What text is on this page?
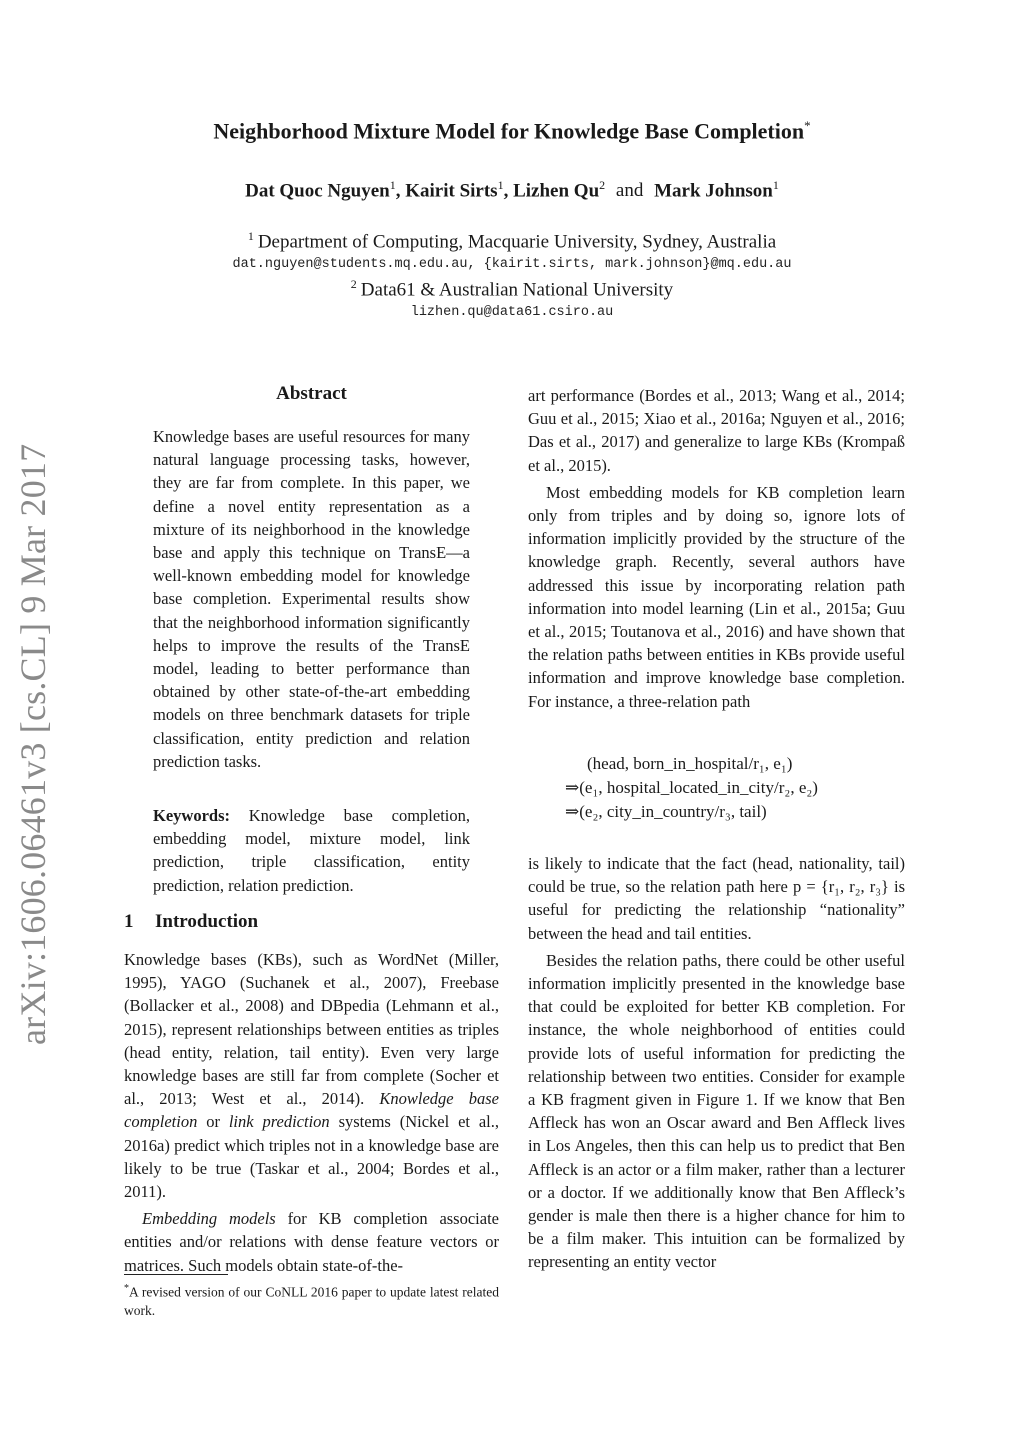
arXiv:1606.06461v3 [cs.CL] 9 Mar 2017
Neighborhood Mixture Model for Knowledge Base Completion*
Dat Quoc Nguyen$^1$, Kairit Sirts$^1$, Lizhen Qu$^2$ and Mark Johnson$^1$
$^1$ Department of Computing, Macquarie University, Sydney, Australia
dat.nguyen@students.mq.edu.au, {kairit.sirts, mark.johnson}@mq.edu.au
$^2$ Data61 & Australian National University
lizhen.qu@data61.csiro.au
Abstract

Knowledge bases are useful resources for many natural language processing tasks, however, they are far from complete. In this paper, we define a novel entity representation as a mixture of its neighborhood in the knowledge base and apply this technique on TransE—a well-known embedding model for knowledge base completion. Experimental results show that the neighborhood information significantly helps to improve the results of the TransE model, leading to better performance than obtained by other state-of-the-art embedding models on three benchmark datasets for triple classification, entity prediction and relation prediction tasks.

Keywords: Knowledge base completion, embedding model, mixture model, link prediction, triple classification, entity prediction, relation prediction.

1 Introduction

Knowledge bases (KBs), such as WordNet (Miller, 1995), YAGO (Suchanek et al., 2007), Freebase (Bollacker et al., 2008) and DBpedia (Lehmann et al., 2015), represent relationships between entities as triples (head entity, relation, tail entity). Even very large knowledge bases are still far from complete (Socher et al., 2013; West et al., 2014). Knowledge base completion or link prediction systems (Nickel et al., 2016a) predict which triples not in a knowledge base are likely to be true (Taskar et al., 2004; Bordes et al., 2011).

Embedding models for KB completion associate entities and/or relations with dense feature vectors or matrices. Such models obtain state-of-the-

art performance (Bordes et al., 2013; Wang et al., 2014; Guu et al., 2015; Xiao et al., 2016a; Nguyen et al., 2016; Das et al., 2017) and generalize to large KBs (Krompaß et al., 2015).

Most embedding models for KB completion learn only from triples and by doing so, ignore lots of information implicitly provided by the structure of the knowledge graph. Recently, several authors have addressed this issue by incorporating relation path information into model learning (Lin et al., 2015a; Guu et al., 2015; Toutanova et al., 2016) and have shown that the relation paths between entities in KBs provide useful information and improve knowledge base completion. For instance, a three-relation path

(head, born_in_hospital/r₁, e₁)
⇒(e₁, hospital_located_in_city/r₂, e₂)
⇒(e₂, city_in_country/r₃, tail)

is likely to indicate that the fact (head, nationality, tail) could be true, so the relation path here p = {r₁, r₂, r₃} is useful for predicting the relationship “nationality” between the head and tail entities.

Besides the relation paths, there could be other useful information implicitly presented in the knowledge base that could be exploited for better KB completion. For instance, the whole neighborhood of entities could provide lots of useful information for predicting the relationship between two entities. Consider for example a KB fragment given in Figure 1. If we know that Ben Affleck has won an Oscar award and Ben Affleck lives in Los Angeles, then this can help us to predict that Ben Affleck is an actor or a film maker, rather than a lecturer or a doctor. If we additionally know that Ben Affleck’s gender is male then there is a higher chance for him to be a film maker. This intuition can be formalized by representing an entity vector

*A revised version of our CoNLL 2016 paper to update latest related work.
